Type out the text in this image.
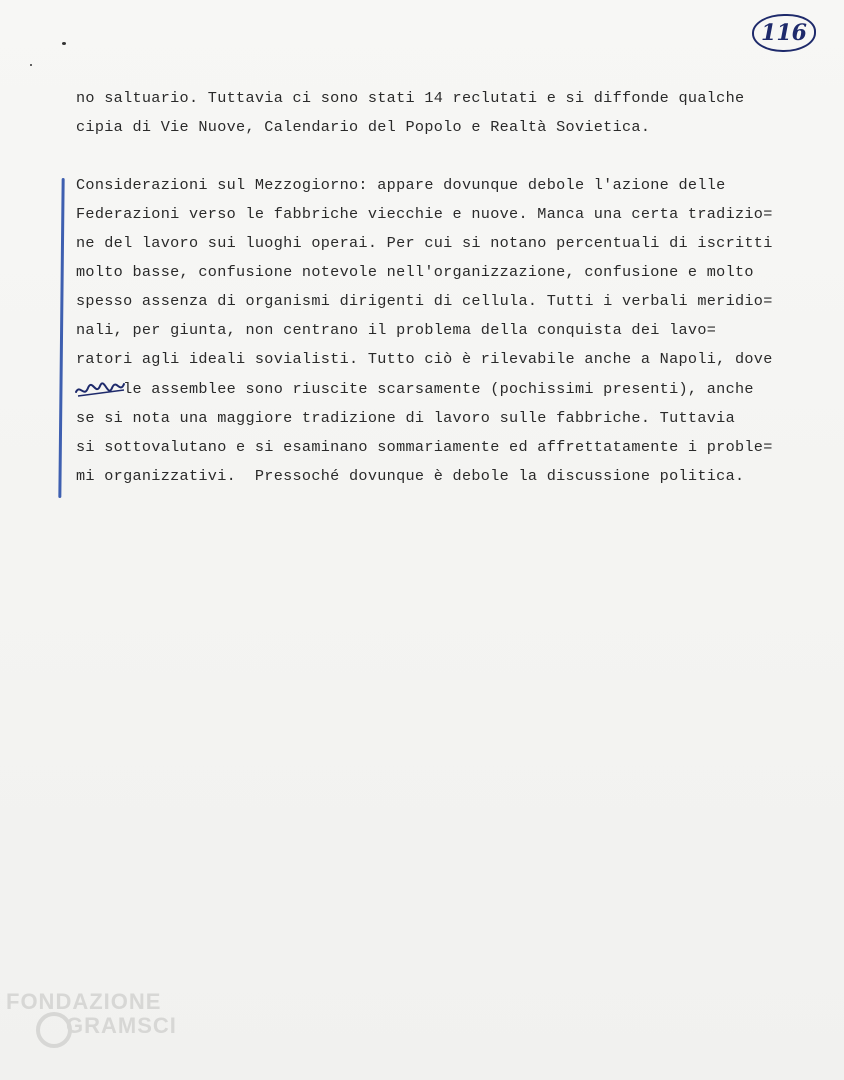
116
no saltuario. Tuttavia ci sono stati 14 reclutati e si diffonde qualche
cipia di Vie Nuove, Calendario del Popolo e Realtà Sovietica.
Considerazioni sul Mezzogiorno: appare dovunque debole l'azione delle
Federazioni verso le fabbriche viecchie e nuove. Manca una certa tradizio=
ne del lavoro sui luoghi operai. Per cui si notano percentuali di iscritti
molto basse, confusione notevole nell'organizzazione, confusione e molto
spesso assenza di organismi dirigenti di cellula. Tutti i verbali meridio=
nali, per giunta, non centrano il problema della conquista dei lavo=
ratori agli ideali sovialisti. Tutto ciò è rilevabile anche a Napoli, dove
le assemblee sono riuscite scarsamente (pochissimi presenti), anche
se si nota una maggiore tradizione di lavoro sulle fabbriche. Tuttavia
si sottovalutano e si esaminano sommariamente ed affrettatamente i proble=
mi organizzativi.  Pressoché dovunque è debole la discussione politica.
FONDAZIONE
GRAMSCI
